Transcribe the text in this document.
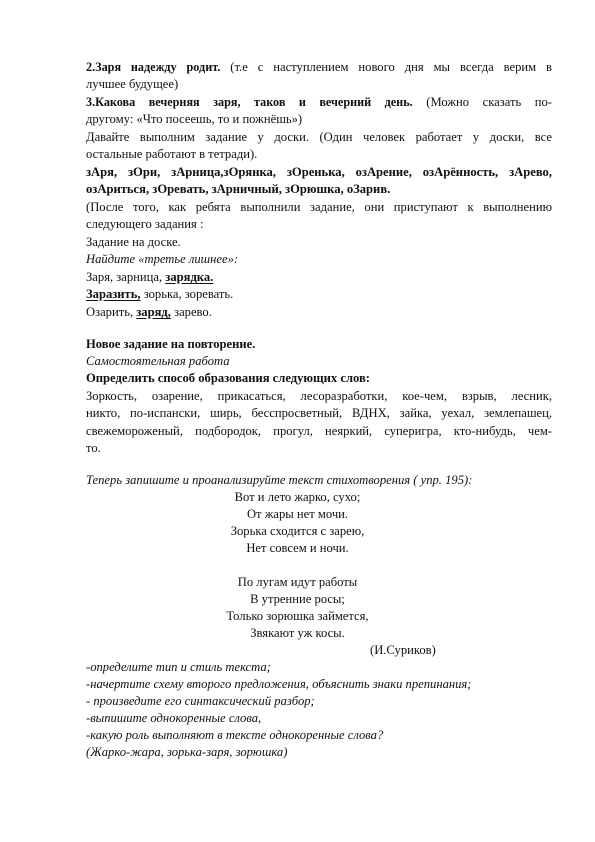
2.Заря надежду родит. (т.е с наступлением нового дня мы всегда верим в
лучшее будущее)
3.Какова вечерняя заря, таков и вечерний день. (Можно сказать по-
другому: «Что посеешь, то и пожнёшь»)
Давайте выполним задание у доски. (Один человек работает у доски, все
остальные работают в тетради).
зАря, зОри, зАрница,зОрянка, зОренька, озАрение, озАрённость, зАрево,
озАриться, зОревать, зАрничный, зОрюшка, оЗарив.
(После того, как ребята выполнили задание, они приступают к выполнению
следующего задания :
Задание на доске.
Найдите «третье лишнее»:
Заря, зарница, зарядка.
Заразить, зорька, зоревать.
Озарить, заряд, зарево.
Новое задание на повторение.
Самостоятельная работа
Определить способ образования следующих слов:
Зоркость, озарение, прикасаться, лесоразработки, кое-чем, взрыв, лесник,
никто, по-испански, ширь, бесспросветный, ВДНХ, зайка, уехал, землепашец,
свежемороженый, подбородок, прогул, неяркий, суперигра, кто-нибудь, чем-
то.
Теперь запишите и проанализируйте текст стихотворения ( упр. 195):
Вот и лето жарко, сухо;
От жары нет мочи.
Зорька сходится с зарею,
Нет совсем и ночи.
По лугам идут работы
В утренние росы;
Только зорюшка займется,
Звякают уж косы.
(И.Суриков)
-определите тип и стиль текста;
-начертите схему второго предложения, объяснить знаки препинания;
- произведите его синтаксический разбор;
-выпишите однокоренные слова,
-какую роль выполняют в тексте однокоренные слова?
(Жарко-жара, зорька-заря, зорюшка)
